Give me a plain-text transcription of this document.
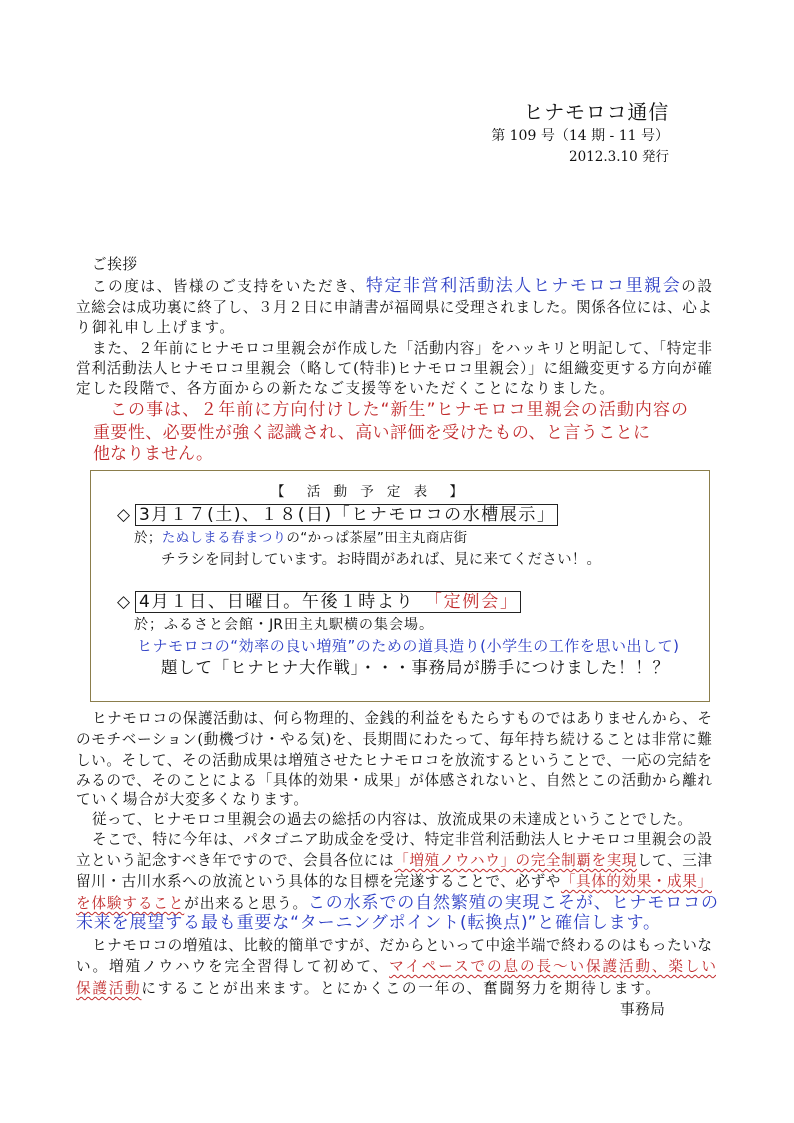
ヒナモロコ通信
第 109 号（14 期 - 11 号）
2012.3.10 発行
ご挨拶
この度は、皆様のご支持をいただき、特定非営利活動法人ヒナモロコ里親会の設
立総会は成功裏に終了し、３月２日に申請書が福岡県に受理されました。関係各位には、心よ
り御礼申し上げます。
また、２年前にヒナモロコ里親会が作成した「活動内容」をハッキリと明記して、「特定非
営利活動法人ヒナモロコ里親会（略して(特非)ヒナモロコ里親会）」に組織変更する方向が確
定した段階で、各方面からの新たなご支援等をいただくことになりました。
この事は、２年前に方向付けした“新生”ヒナモロコ里親会の活動内容の
重要性、必要性が強く認識され、高い評価を受けたもの、と言うことに
他なりません。
【　活 動 予 定 表　】
◇ 3月１７(土)、１８(日)「ヒナモロコの水槽展示」
於；たぬしまる春まつりの“かっぱ茶屋”田主丸商店街
チラシを同封しています。お時間があれば、見に来てください！。
◇ 4月１日、日曜日。午後１時より　「定例会」
於；ふるさと会館・JR田主丸駅横の集会場。
ヒナモロコの“効率の良い増殖”のための道具造り(小学生の工作を思い出して)
題して「ヒナヒナ大作戦」・・・事務局が勝手につけました！！？
ヒナモロコの保護活動は、何ら物理的、金銭的利益をもたらすものではありませんから、そ
のモチベーション(動機づけ・やる気)を、長期間にわたって、毎年持ち続けることは非常に難
しい。そして、その活動成果は増殖させたヒナモロコを放流するということで、一応の完結を
みるので、そのことによる「具体的効果・成果」が体感されないと、自然とこの活動から離れ
ていく場合が大変多くなります。
従って、ヒナモロコ里親会の過去の総括の内容は、放流成果の未達成ということでした。
そこで、特に今年は、パタゴニア助成金を受け、特定非営利活動法人ヒナモロコ里親会の設
立という記念すべき年ですので、会員各位には「増殖ノウハウ」の完全制覇を実現して、三津
留川・古川水系への放流という具体的な目標を完遂することで、必ずや「具体的効果・成果」
を体験することが出来ると思う。この水系での自然繁殖の実現こそが、ヒナモロコの
未来を展望する最も重要な“ターニングポイント(転換点)”と確信します。
ヒナモロコの増殖は、比較的簡単ですが、だからといって中途半端で終わるのはもったいな
い。増殖ノウハウを完全習得して初めて、マイペースでの息の長～い保護活動、楽しい
保護活動にすることが出来ます。とにかくこの一年の、奮闘努力を期待します。
事務局
